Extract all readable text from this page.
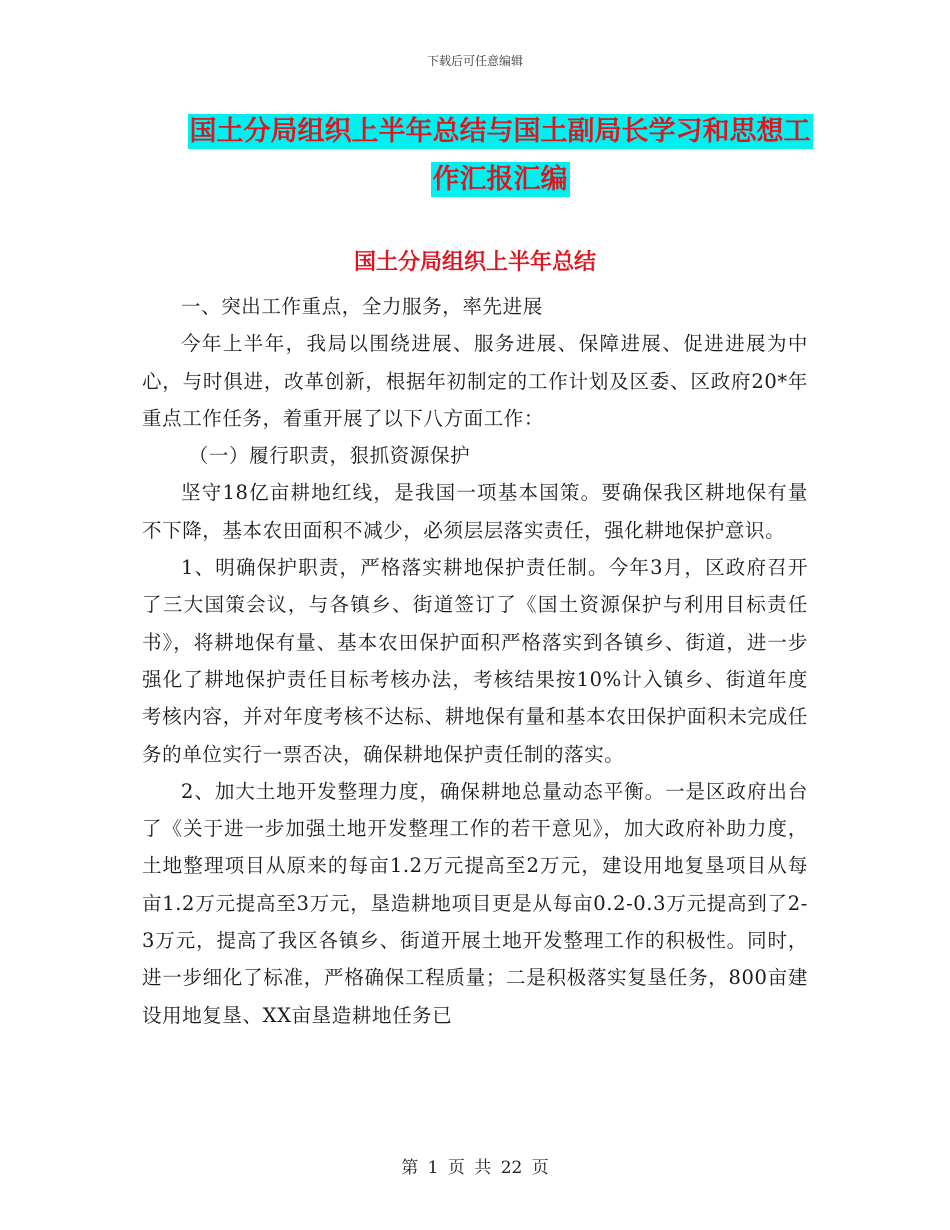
下载后可任意编辑
国土分局组织上半年总结与国土副局长学习和思想工
作汇报汇编
国土分局组织上半年总结

一、突出工作重点，全力服务，率先进展

今年上半年，我局以围绕进展、服务进展、保障进展、促进进展为中心，与时俱进，改革创新，根据年初制定的工作计划及区委、区政府20*年重点工作任务，着重开展了以下八方面工作：

（一）履行职责，狠抓资源保护

坚守18亿亩耕地红线，是我国一项基本国策。要确保我区耕地保有量不下降，基本农田面积不减少，必须层层落实责任，强化耕地保护意识。

1、明确保护职责，严格落实耕地保护责任制。今年3月，区政府召开了三大国策会议，与各镇乡、街道签订了《国土资源保护与利用目标责任书》，将耕地保有量、基本农田保护面积严格落实到各镇乡、街道，进一步强化了耕地保护责任目标考核办法，考核结果按10%计入镇乡、街道年度考核内容，并对年度考核不达标、耕地保有量和基本农田保护面积未完成任务的单位实行一票否决，确保耕地保护责任制的落实。

2、加大土地开发整理力度，确保耕地总量动态平衡。一是区政府出台了《关于进一步加强土地开发整理工作的若干意见》，加大政府补助力度，土地整理项目从原来的每亩1.2万元提高至2万元，建设用地复垦项目从每亩1.2万元提高至3万元，垦造耕地项目更是从每亩0.2-0.3万元提高到了2-3万元，提高了我区各镇乡、街道开展土地开发整理工作的积极性。同时，进一步细化了标准，严格确保工程质量；二是积极落实复垦任务，800亩建设用地复垦、XX亩垦造耕地任务已

第 1 页 共 22 页
